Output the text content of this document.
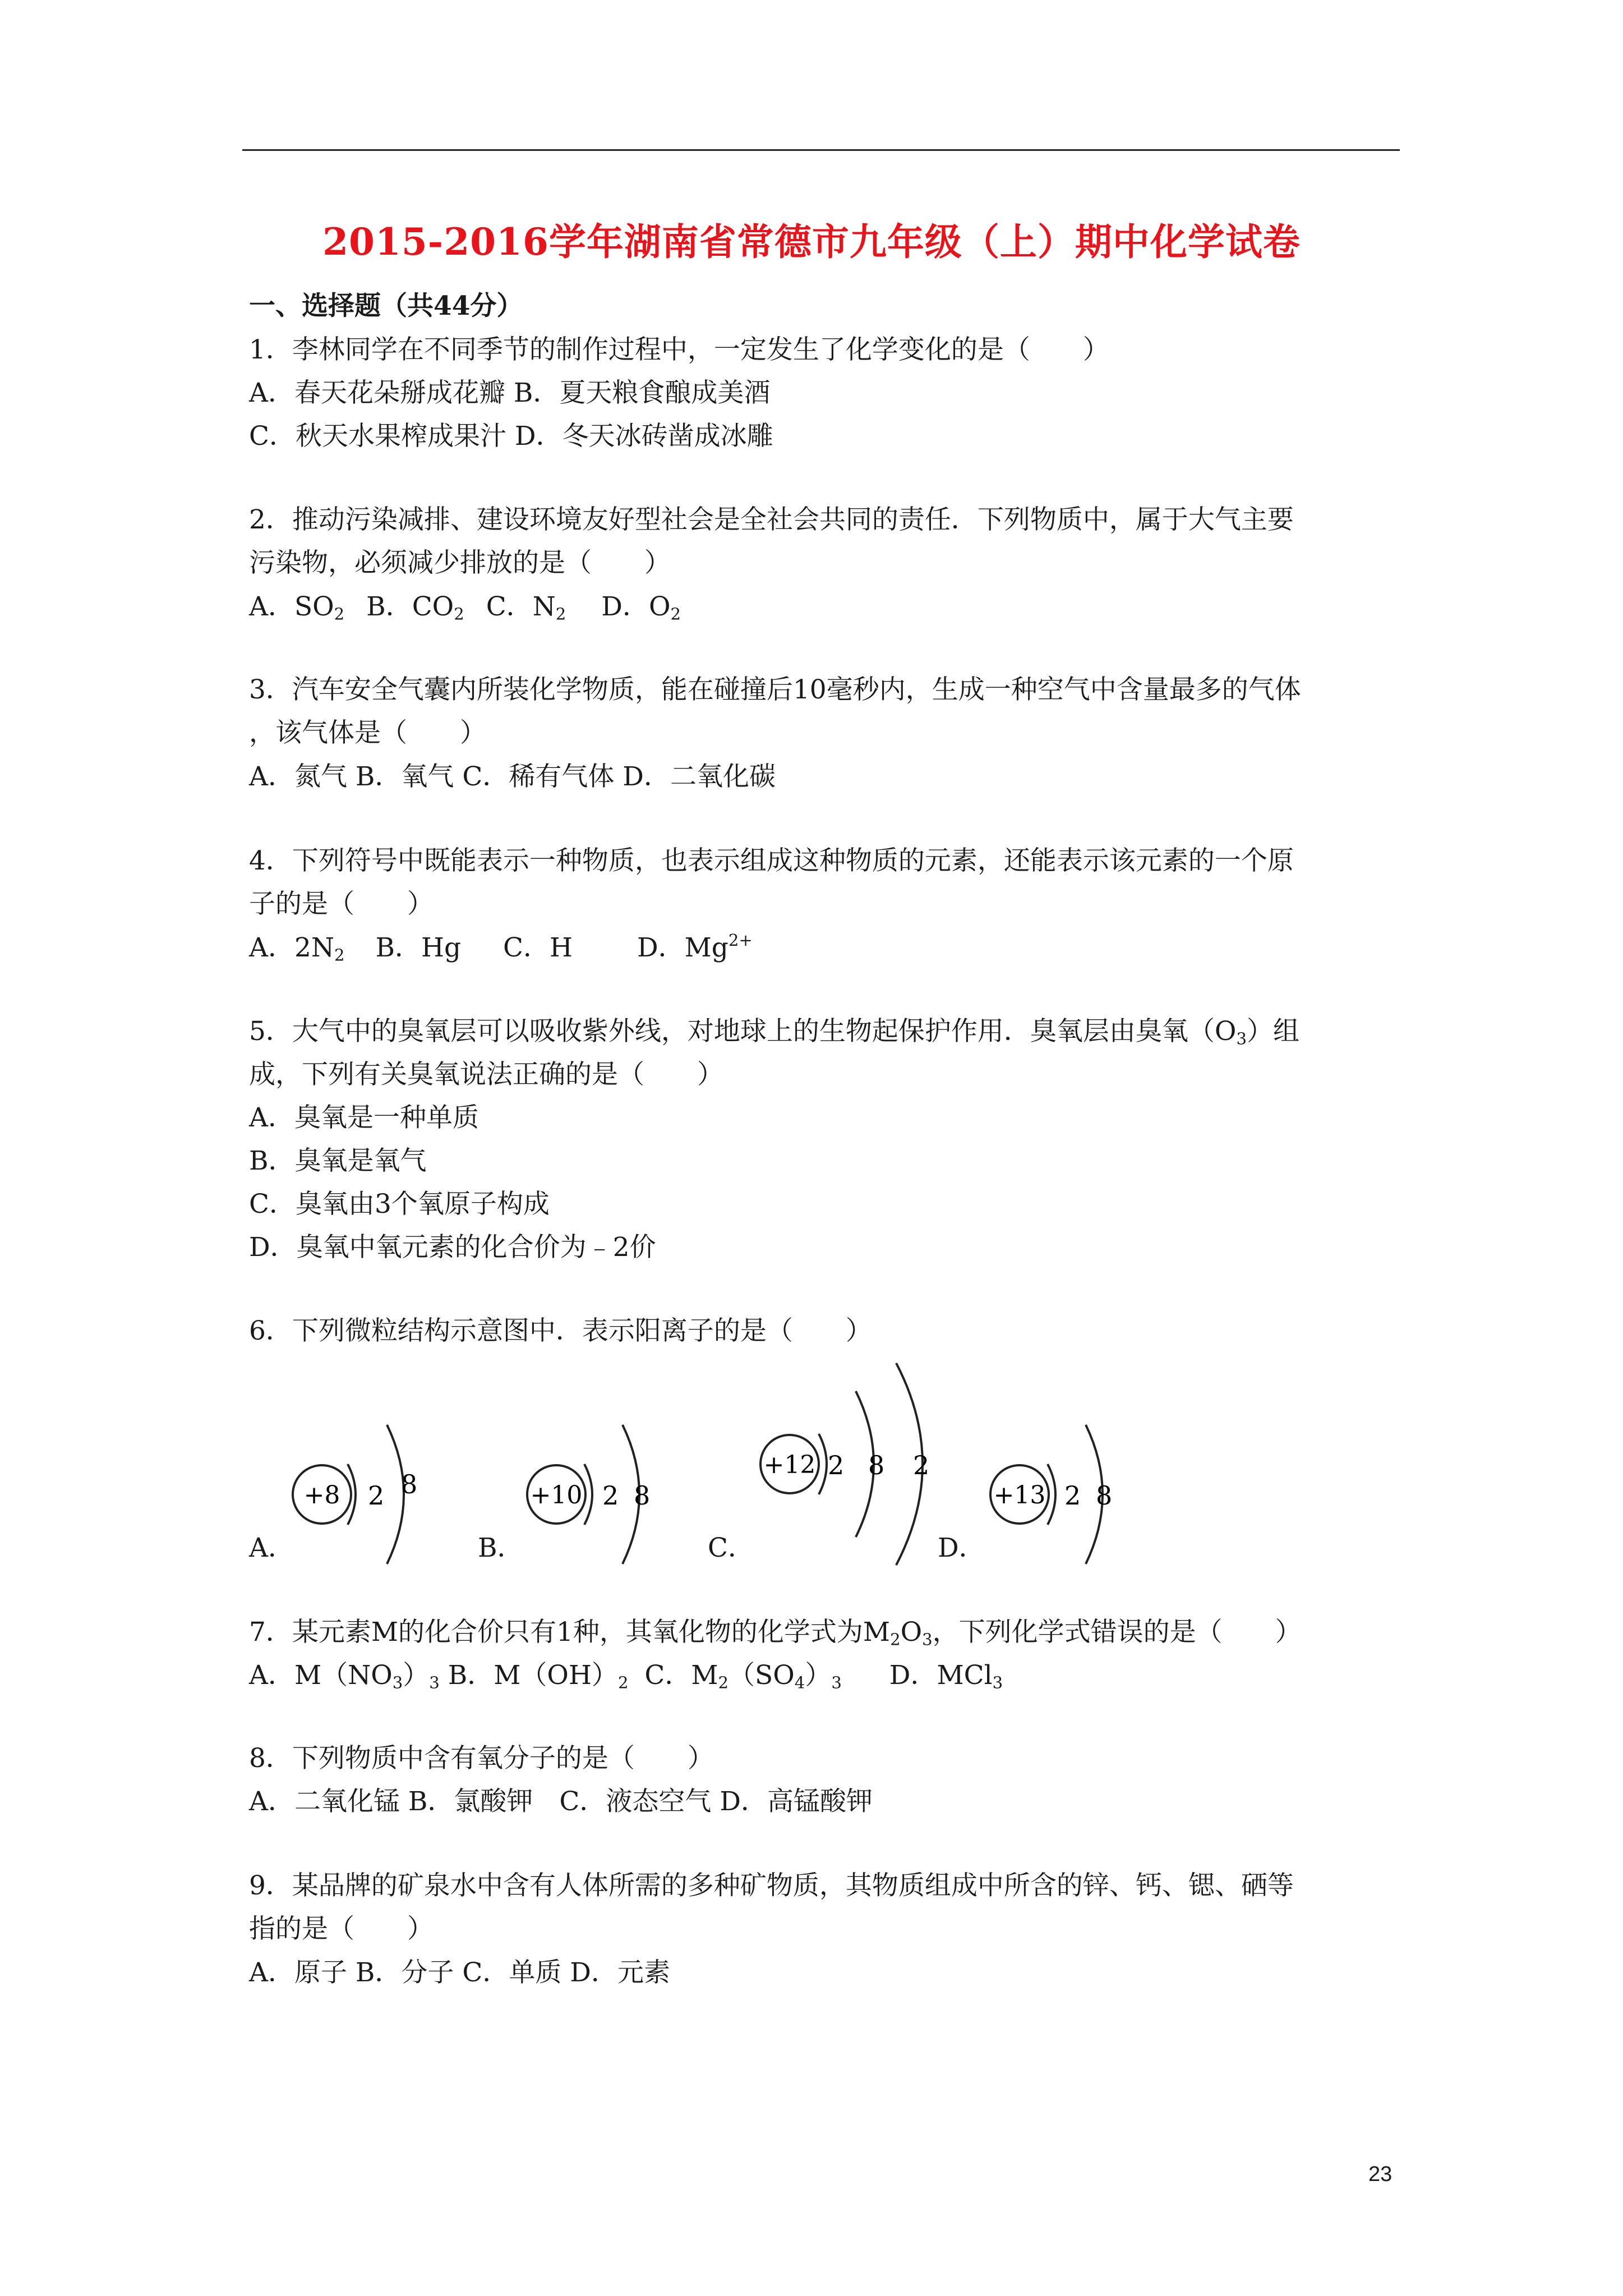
2015-2016学年湖南省常德市九年级（上）期中化学试卷
一、选择题（共44分）
1．李林同学在不同季节的制作过程中，一定发生了化学变化的是（　　）
A．春天花朵掰成花瓣 B．夏天粮食酿成美酒
C．秋天水果榨成果汁 D．冬天冰砖凿成冰雕
2．推动污染减排、建设环境友好型社会是全社会共同的责任．下列物质中，属于大气主要
污染物，必须减少排放的是（　　）
A．$SO_2$ B．$CO_2$ C．$N_2$ D．$O_2$
3．汽车安全气囊内所装化学物质，能在碰撞后10毫秒内，生成一种空气中含量最多的气体
，该气体是（　　）
A．氮气 B．氧气 C．稀有气体 D．二氧化碳
4．下列符号中既能表示一种物质，也表示组成这种物质的元素，还能表示该元素的一个原
子的是（　　）
A．$2N_2$ B．Hg C．H D．$Mg^{2+}$
5．大气中的臭氧层可以吸收紫外线，对地球上的生物起保护作用．臭氧层由臭氧$(O_3)$组
成，下列有关臭氧说法正确的是（　　）
A．臭氧是一种单质
B．臭氧是氧气
C．臭氧由3个氧原子构成
D．臭氧中氧元素的化合价为﹣2价
6．下列微粒结构示意图中．表示阳离子的是（　　）
+8 2 8	+10 2 8
+12 2 8 2
+13 2 8
A．	B．	C．	D．
7．某元素M的化合价只有1种，其氧化物的化学式为$M_2O_3$，下列化学式错误的是（　　）
A．$M(NO_3)_3$ B．$M(OH)_2$ C．$M_2(SO_4)_3$ D．MCl$_3$
8．下列物质中含有氧分子的是（　　）
A．二氧化锰 B．氯酸钾　C．液态空气 D．高锰酸钾
9．某品牌的矿泉水中含有人体所需的多种矿物质，其物质组成中所含的锌、钙、锶、硒等
指的是（　　）
A．原子 B．分子 C．单质 D．元素
23
